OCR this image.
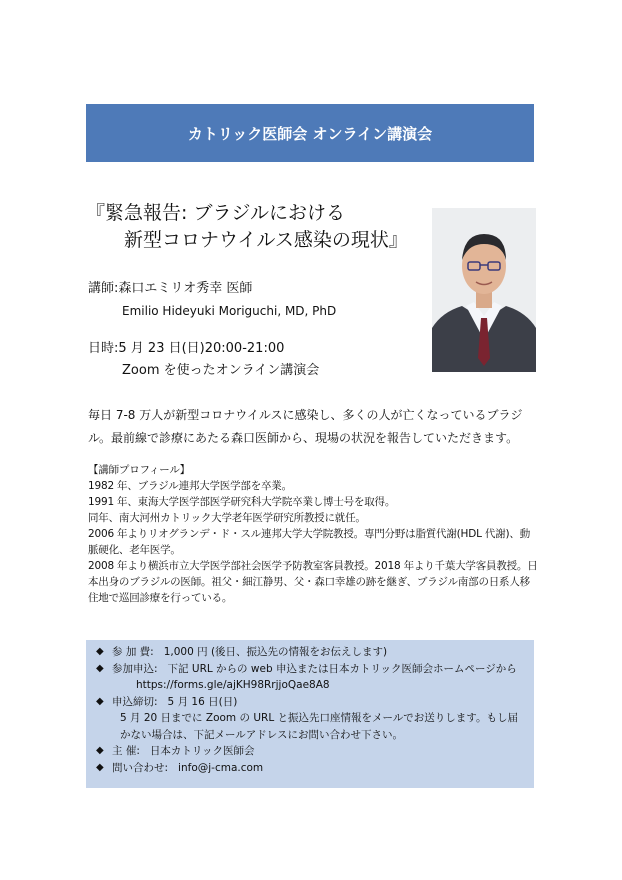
カトリック医師会 オンライン講演会
『緊急報告: ブラジルにおける
新型コロナウイルス感染の現状』
講師:森口エミリオ秀幸 医師
Emilio Hideyuki Moriguchi, MD, PhD
日時:5 月 23 日(日)20:00-21:00
Zoom を使ったオンライン講演会
毎日 7-8 万人が新型コロナウイルスに感染し、多くの人が亡くなっているブラジル。最前線で診療にあたる森口医師から、現場の状況を報告していただきます。

【講師プロフィール】

1982 年、ブラジル連邦大学医学部を卒業。

1991 年、東海大学医学部医学研究科大学院卒業し博士号を取得。

同年、南大河州カトリック大学老年医学研究所教授に就任。

2006 年よりリオグランデ・ド・スル連邦大学大学院教授。専門分野は脂質代謝(HDL 代謝)、動脈硬化、老年医学。

2008 年より横浜市立大学医学部社会医学予防教室客員教授。2018 年より千葉大学客員教授。日本出身のブラジルの医師。祖父・細江静男、父・森口幸雄の跡を継ぎ、ブラジル南部の日系人移住地で巡回診療を行っている。

◆ 参 加 費: 1,000 円 (後日、振込先の情報をお伝えします)
◆ 参加申込: 下記 URL からの web 申込または日本カトリック医師会ホームページから
https://forms.gle/ajKH98RrjjoQae8A8
◆ 申込締切: 5 月 16 日(日)
5 月 20 日までに Zoom の URL と振込先口座情報をメールでお送りします。もし届かない場合は、下記メールアドレスにお問い合わせ下さい。
◆ 主 催: 日本カトリック医師会
◆ 問い合わせ: info@j-cma.com
